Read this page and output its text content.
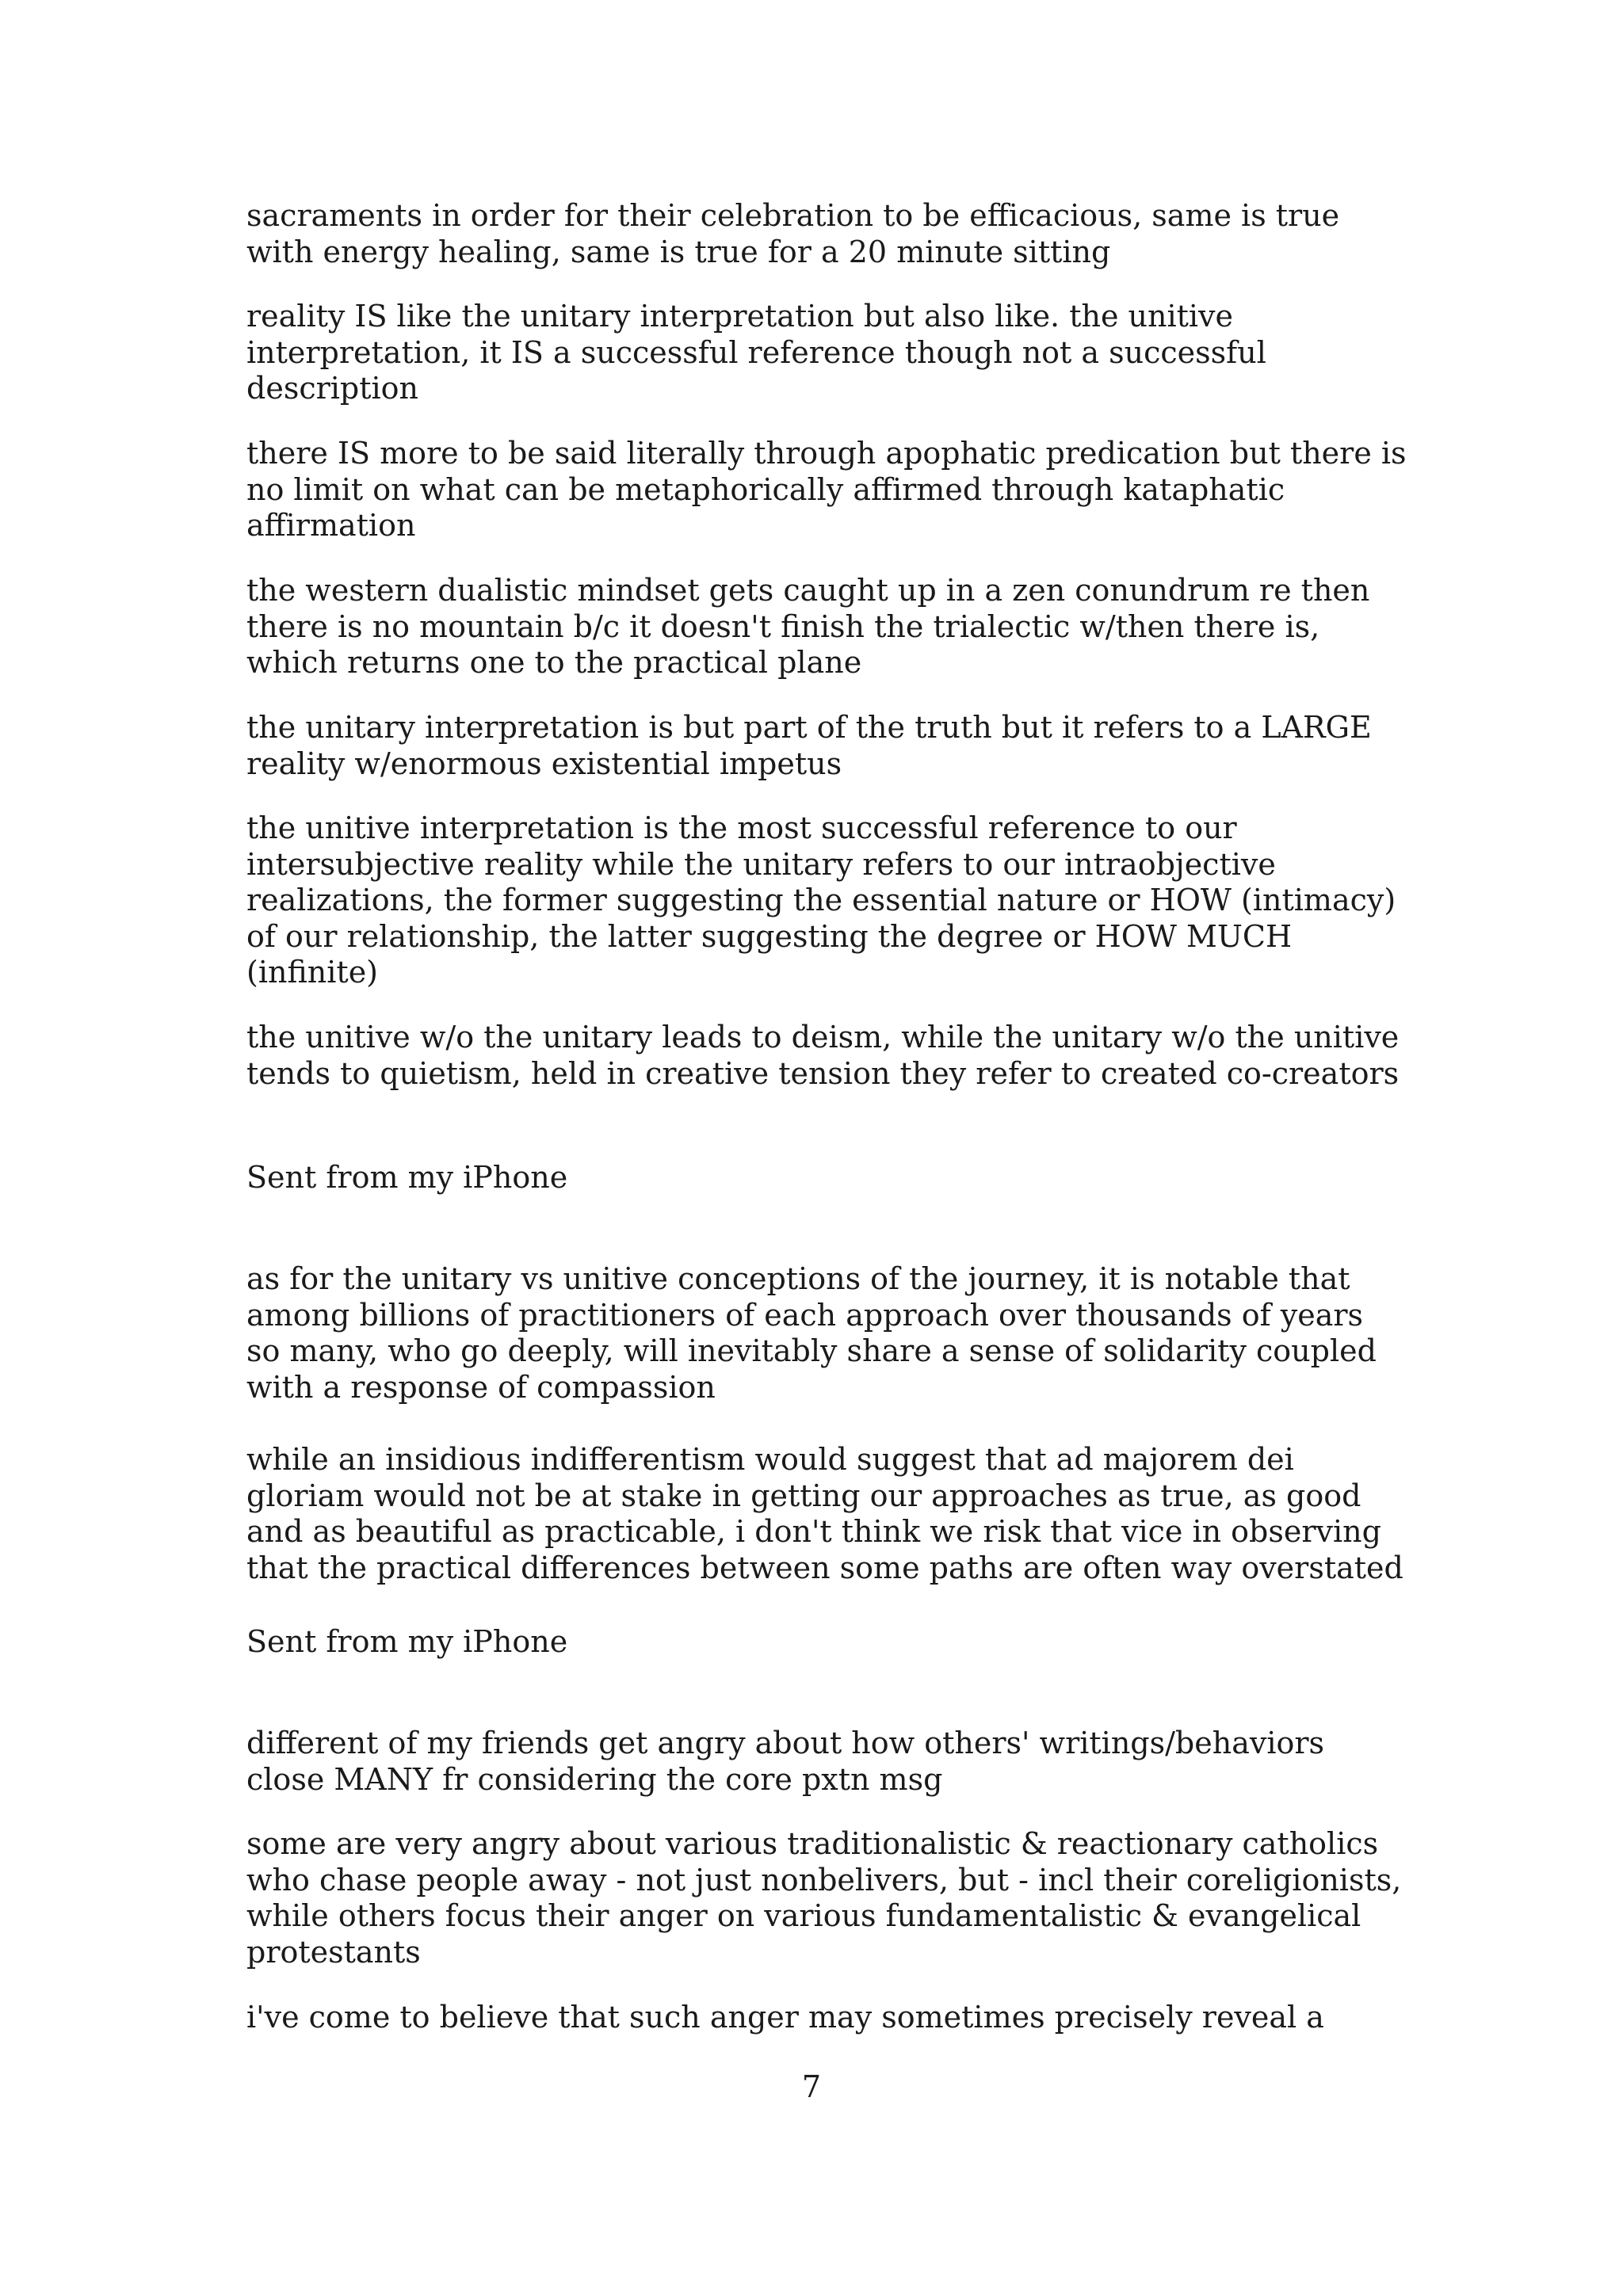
sacraments in order for their celebration to be efficacious, same is true
with energy healing, same is true for a 20 minute sitting
reality IS like the unitary interpretation but also like. the unitive
interpretation, it IS a successful reference though not a successful
description
there IS more to be said literally through apophatic predication but there is
no limit on what can be metaphorically affirmed through kataphatic
affirmation
the western dualistic mindset gets caught up in a zen conundrum re then
there is no mountain b/c it doesn't finish the trialectic w/then there is,
which returns one to the practical plane
the unitary interpretation is but part of the truth but it refers to a LARGE
reality w/enormous existential impetus
the unitive interpretation is the most successful reference to our
intersubjective reality while the unitary refers to our intraobjective
realizations, the former suggesting the essential nature or HOW (intimacy)
of our relationship, the latter suggesting the degree or HOW MUCH
(infinite)
the unitive w/o the unitary leads to deism, while the unitary w/o the unitive
tends to quietism, held in creative tension they refer to created co-creators
Sent from my iPhone
as for the unitary vs unitive conceptions of the journey, it is notable that
among billions of practitioners of each approach over thousands of years
so many, who go deeply, will inevitably share a sense of solidarity coupled
with a response of compassion
while an insidious indifferentism would suggest that ad majorem dei
gloriam would not be at stake in getting our approaches as true, as good
and as beautiful as practicable, i don't think we risk that vice in observing
that the practical differences between some paths are often way overstated
Sent from my iPhone
different of my friends get angry about how others' writings/behaviors
close MANY fr considering the core pxtn msg
some are very angry about various traditionalistic & reactionary catholics
who chase people away - not just nonbelivers, but - incl their coreligionists,
while others focus their anger on various fundamentalistic & evangelical
protestants
i've come to believe that such anger may sometimes precisely reveal a
7
